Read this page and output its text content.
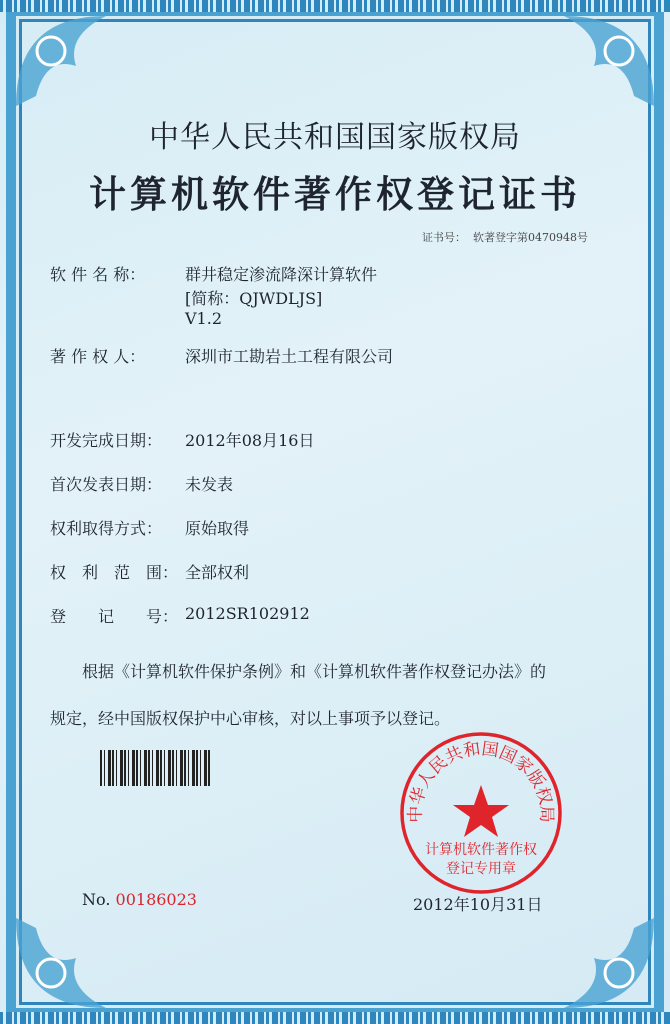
中华人民共和国国家版权局
计算机软件著作权登记证书
证书号： 软著登字第0470948号
软 件 名 称： 群井稳定渗流降深计算软件
[简称：QJWDLJS]
V1.2
著 作 权 人： 深圳市工勘岩土工程有限公司
开发完成日期： 2012年08月16日
首次发表日期： 未发表
权利取得方式： 原始取得
权　利　范　围： 全部权利
登　　记　　号： 2012SR102912
根据《计算机软件保护条例》和《计算机软件著作权登记办法》的
规定，经中国版权保护中心审核，对以上事项予以登记。
No. 00186023	2012年10月31日
中华人民共和国国家版权局
计算机软件著作权
登记专用章
